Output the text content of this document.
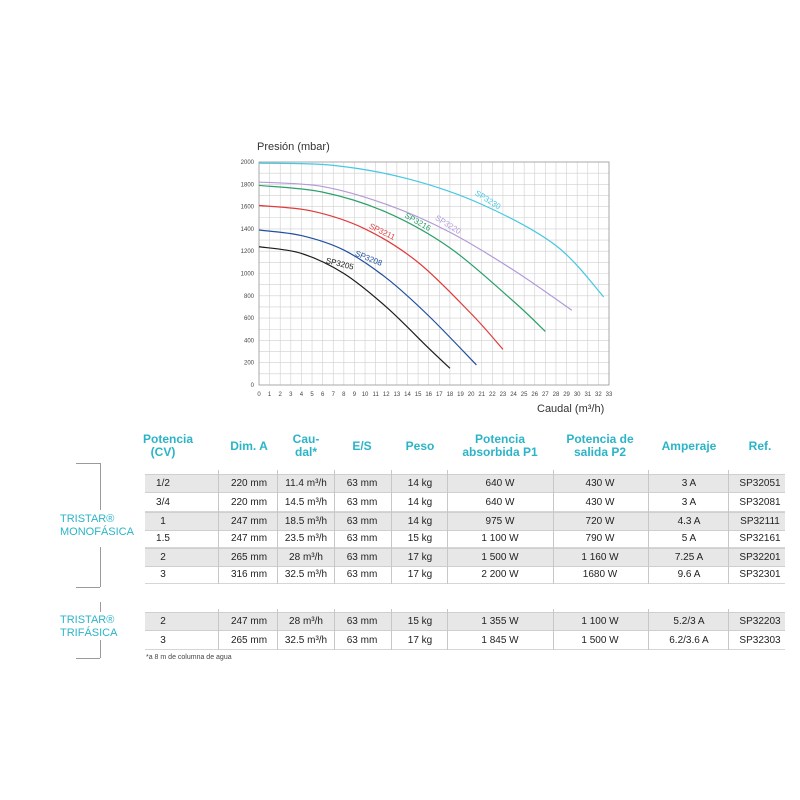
0 1 2 3 4 5 6 7 8 9 10 11 12 13 14 15 16 17 18 19 20 21 22 23 24 25 26 27 28 29 30 31 32 33
0
200
400
600
800
1000
1200
1400
1600
1800
2000
SP3205 SP3208
SP3211 SP3216 SP3220
SP3230
Presión (mbar)
Caudal (m³/h)
Potencia
(CV)	Dim. A	Cau-
dal*	E/S	Peso	Potencia
absorbida P1
Potencia de
salida P2	Amperaje	Ref.
1/2	220 mm	11.4 m³/h	63 mm	14 kg	640 W	430 W	3 A	SP32051
3/4	220 mm	14.5 m³/h	63 mm	14 kg	640 W	430 W	3 A	SP32081
1	247 mm	18.5 m³/h	63 mm	14 kg	975 W	720 W	4.3 A	SP32111
1.5	247 mm	23.5 m³/h	63 mm	15 kg	1 100 W	790 W	5 A	SP32161
2	265 mm	28 m³/h	63 mm	17 kg	1 500 W	1 160 W	7.25 A	SP32201
3	316 mm	32.5 m³/h	63 mm	17 kg	2 200 W	1680 W	9.6 A	SP32301
2	247 mm	28 m³/h	63 mm	15 kg	1 355 W	1 100 W	5.2/3 A	SP32203
3	265 mm	32.5 m³/h	63 mm	17 kg	1 845 W	1 500 W	6.2/3.6 A	SP32303
TRISTAR®
MONOFÁSICA
TRISTAR®
TRIFÁSICA
*a 8 m de columna de agua
